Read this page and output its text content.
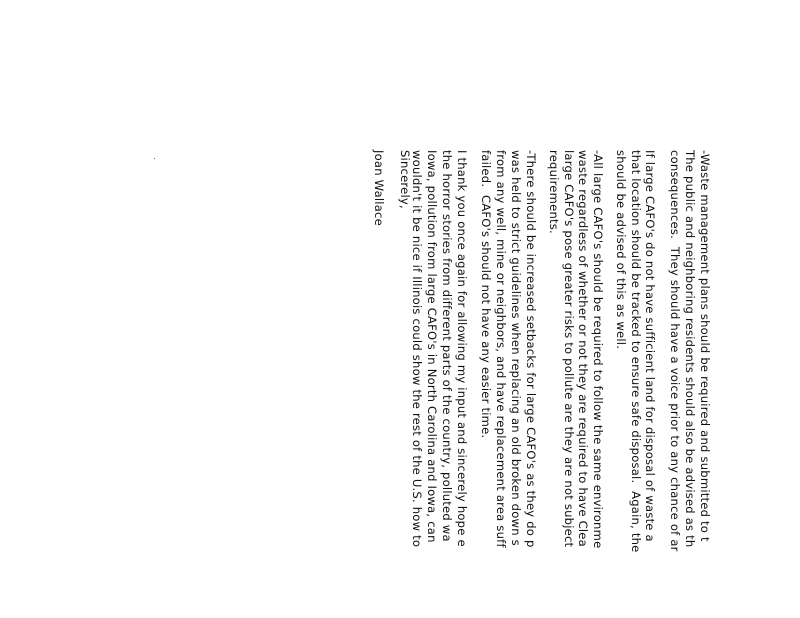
-Waste management plans should be required and submitted to t
The public and neighboring residents should also be advised as th
consequences.  They should have a voice prior to any chance of ar
If large CAFO's do not have sufficient land for disposal of waste a
that location should be tracked to ensure safe disposal.  Again, the
should be advised of this as well.
-All large CAFO's should be required to follow the same environme
waste regardless of whether or not they are required to have Clea
large CAFO's pose greater risks to pollute are they are not subject
requirements.
-There should be increased setbacks for large CAFO's as they do p
was held to strict guidelines when replacing an old broken down s
from any well, mine or neighbors, and have replacement area suff
failed.  CAFO's should not have any easier time.
I thank you once again for allowing my input and sincerely hope e
the horror stories from different parts of the country, polluted wa
Iowa, pollution from large CAFO's in North Carolina and Iowa, can
wouldn't it be nice if Illinois could show the rest of the U.S. how to
Sincerely,
Joan Wallace
